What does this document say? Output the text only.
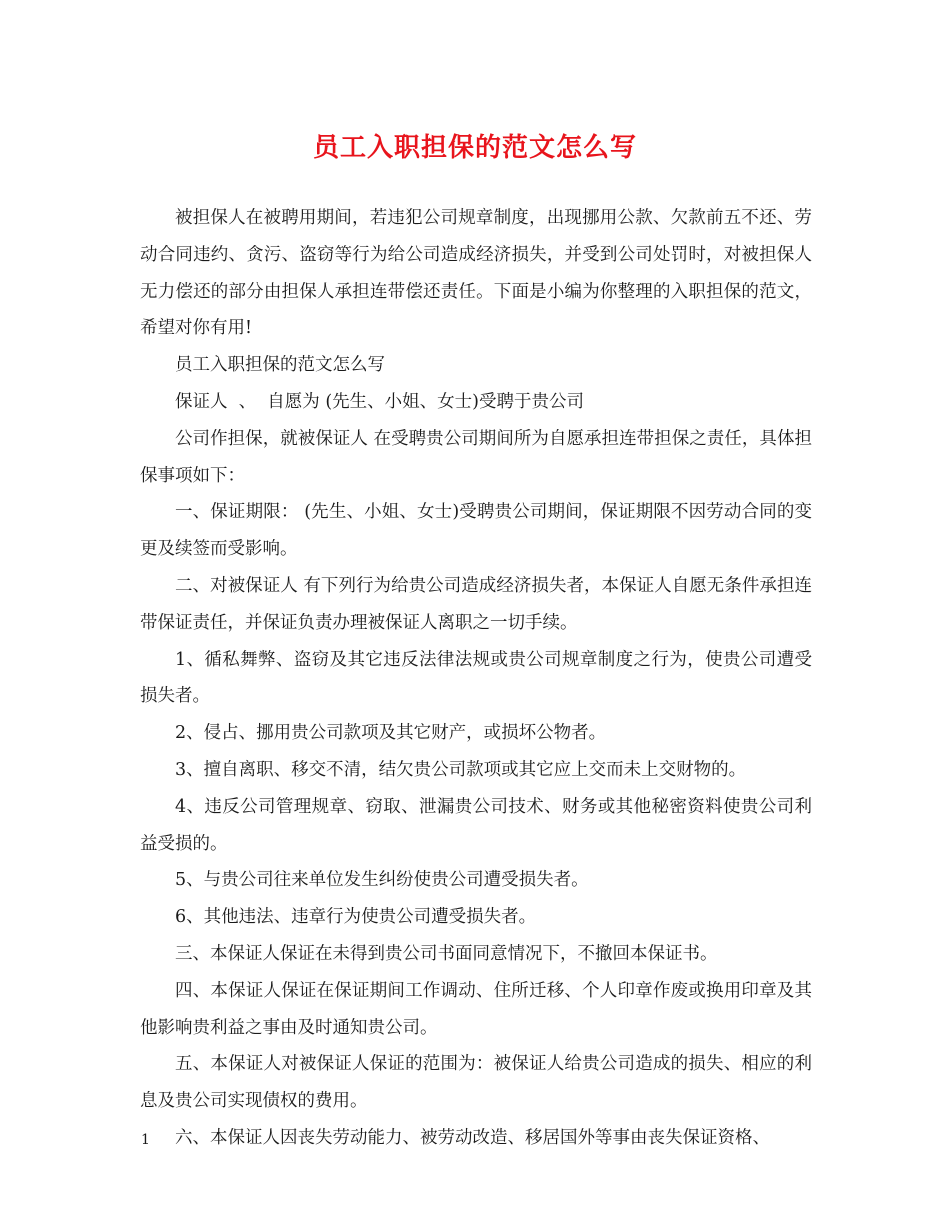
员工入职担保的范文怎么写

被担保人在被聘用期间，若违犯公司规章制度，出现挪用公款、欠款前五不还、劳动合同违约、贪污、盗窃等行为给公司造成经济损失，并受到公司处罚时，对被担保人无力偿还的部分由担保人承担连带偿还责任。下面是小编为你整理的入职担保的范文，希望对你有用!

员工入职担保的范文怎么写

保证人  、  自愿为 (先生、小姐、女士)受聘于贵公司

公司作担保，就被保证人 在受聘贵公司期间所为自愿承担连带担保之责任，具体担保事项如下：

一、保证期限： (先生、小姐、女士)受聘贵公司期间，保证期限不因劳动合同的变更及续签而受影响。

二、对被保证人 有下列行为给贵公司造成经济损失者，本保证人自愿无条件承担连带保证责任，并保证负责办理被保证人离职之一切手续。

1、循私舞弊、盗窃及其它违反法律法规或贵公司规章制度之行为，使贵公司遭受损失者。

2、侵占、挪用贵公司款项及其它财产，或损坏公物者。

3、擅自离职、移交不清，结欠贵公司款项或其它应上交而未上交财物的。

4、违反公司管理规章、窃取、泄漏贵公司技术、财务或其他秘密资料使贵公司利益受损的。

5、与贵公司往来单位发生纠纷使贵公司遭受损失者。

6、其他违法、违章行为使贵公司遭受损失者。

三、本保证人保证在未得到贵公司书面同意情况下，不撤回本保证书。

四、本保证人保证在保证期间工作调动、住所迁移、个人印章作废或换用印章及其他影响贵利益之事由及时通知贵公司。

五、本保证人对被保证人保证的范围为：被保证人给贵公司造成的损失、相应的利息及贵公司实现债权的费用。

六、本保证人因丧失劳动能力、被劳动改造、移居国外等事由丧失保证资格、

1
